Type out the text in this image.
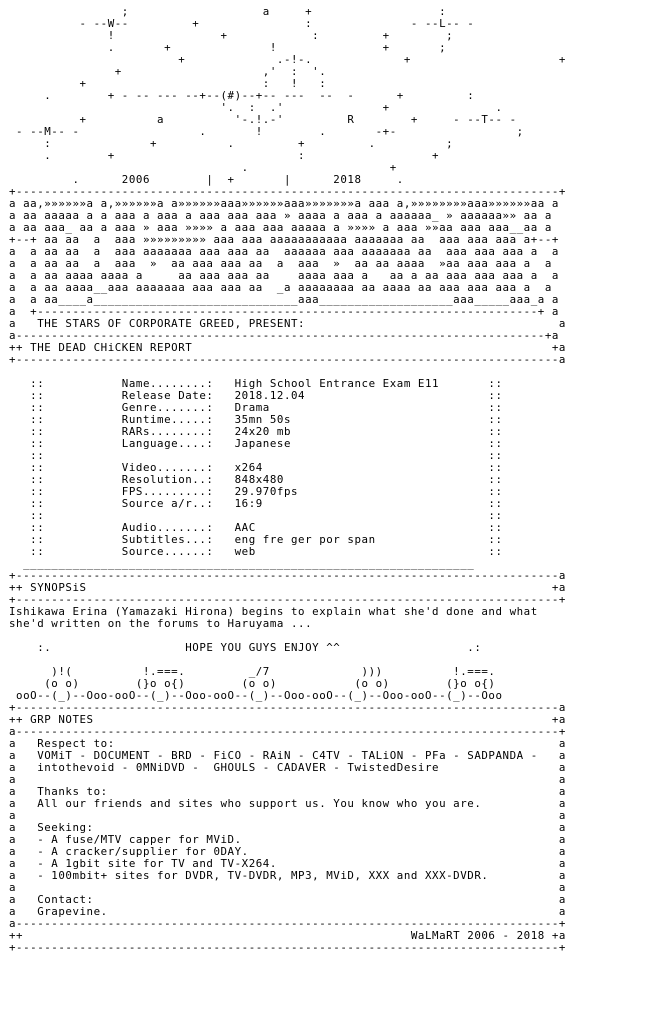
;                   a     +                  :
- --W--         +               :              - --L-- -
!               +            :         +        ;
.       +              !               +       ;
+             .-!-.             +                     +
+                    ,'  :  '.
+                         :   !   :
.        + - -- --- --+--(#)--+-- ---  --  -      +         :
'.  :  .'              +               .
+          a          '-.!.-'         R        +     - --T-- -
- --M-- -                 .       !        .       -+-                 ;
:              +          .         +         .          ;
.        +                          :                  +
.                    +
.      2006        |  +       |      2018     .
+-----------------------------------------------------------------------------+
a aa,»»»»»»a a,»»»»»»a a»»»»»»aaa»»»»»»aaa»»»»»»»a aaa a,»»»»»»»»aaa»»»»»»aa a
a aa aaaaa a a aaa a aaa a aaa aaa aaa » aaaa a aaa a aaaaaa_ » aaaaaa»» aa a
a aa aaa_ aa a aaa » aaa »»»» a aaa aaa aaaaa a »»»» a aaa »»aa aaa aaa__aa a
+--+ aa aa  a  aaa »»»»»»»»» aaa aaa aaaaaaaaaaa aaaaaaa aa  aaa aaa aaa a+--+
a  a aa aa  a  aaa aaaaaaa aaa aaa aa  aaaaaa aaa aaaaaaa aa  aaa aaa aaa a  a
a  a aa aa  a  aaa  »  aa aaa aaa aa  a  aaa  »  aa aa aaaa  »aa aaa aaa a  a
a  a aa aaaa aaaa a     aa aaa aaa aa    aaaa aaa a   aa a aa aaa aaa aaa a  a
a  a aa aaaa__aaa aaaaaaa aaa aaa aa  _a aaaaaaaa aa aaaa aa aaa aaa aaa a  a
a  a aa____a_____________________________aaa___________________aaa_____aaa_a a
a  +-----------------------------------------------------------------------+ a
a   THE STARS OF CORPORATE GREED, PRESENT:                                    a
a---------------------------------------------------------------------------+a
++ THE DEAD CHiCKEN REPORT                                                   +a
+-----------------------------------------------------------------------------a

::           Name........:   High School Entrance Exam E11       ::
::           Release Date:   2018.12.04                          ::
::           Genre.......:   Drama                               ::
::           Runtime.....:   35mn 50s                            ::
::           RARs........:   24x20 mb                            ::
::           Language....:   Japanese                            ::
::                                                               ::
::           Video.......:   x264                                ::
::           Resolution..:   848x480                             ::
::           FPS.........:   29.970fps                           ::
::           Source a/r..:   16:9                                ::
::                                                               ::
::           Audio.......:   AAC                                 ::
::           Subtitles...:   eng fre ger por span                ::
::           Source......:   web                                 ::
________________________________________________________________
+-----------------------------------------------------------------------------a
++ SYNOPSiS                                                                  +a
+-----------------------------------------------------------------------------+
Ishikawa Erina (Yamazaki Hirona) begins to explain what she'd done and what
she'd written on the forums to Haruyama ...

:.                   HOPE YOU GUYS ENJOY ^^                  .:

)!(          !.===.         _/7             )))          !.===.
(o o)        (}o o{)        (o o)           (o o)        (}o o{)
ooO--(_)--Ooo-ooO--(_)--Ooo-ooO--(_)--Ooo-ooO--(_)--Ooo-ooO--(_)--Ooo
+-----------------------------------------------------------------------------a
++ GRP NOTES                                                                 +a
a-----------------------------------------------------------------------------+
a   Respect to:                                                               a
a   VOMiT - DOCUMENT - BRD - FiCO - RAiN - C4TV - TALiON - PFa - SADPANDA -   a
a   intothevoid - 0MNiDVD -  GHOULS - CADAVER - TwistedDesire                 a
a                                                                             a
a   Thanks to:                                                                a
a   All our friends and sites who support us. You know who you are.           a
a                                                                             a
a   Seeking:                                                                  a
a   - A fuse/MTV capper for MViD.                                             a
a   - A cracker/supplier for 0DAY.                                            a
a   - A 1gbit site for TV and TV-X264.                                        a
a   - 100mbit+ sites for DVDR, TV-DVDR, MP3, MViD, XXX and XXX-DVDR.          a
a                                                                             a
a   Contact:                                                                  a
a   Grapevine.                                                                a
a-----------------------------------------------------------------------------+
++                                                       WaLMaRT 2006 - 2018 +a
+-----------------------------------------------------------------------------+
